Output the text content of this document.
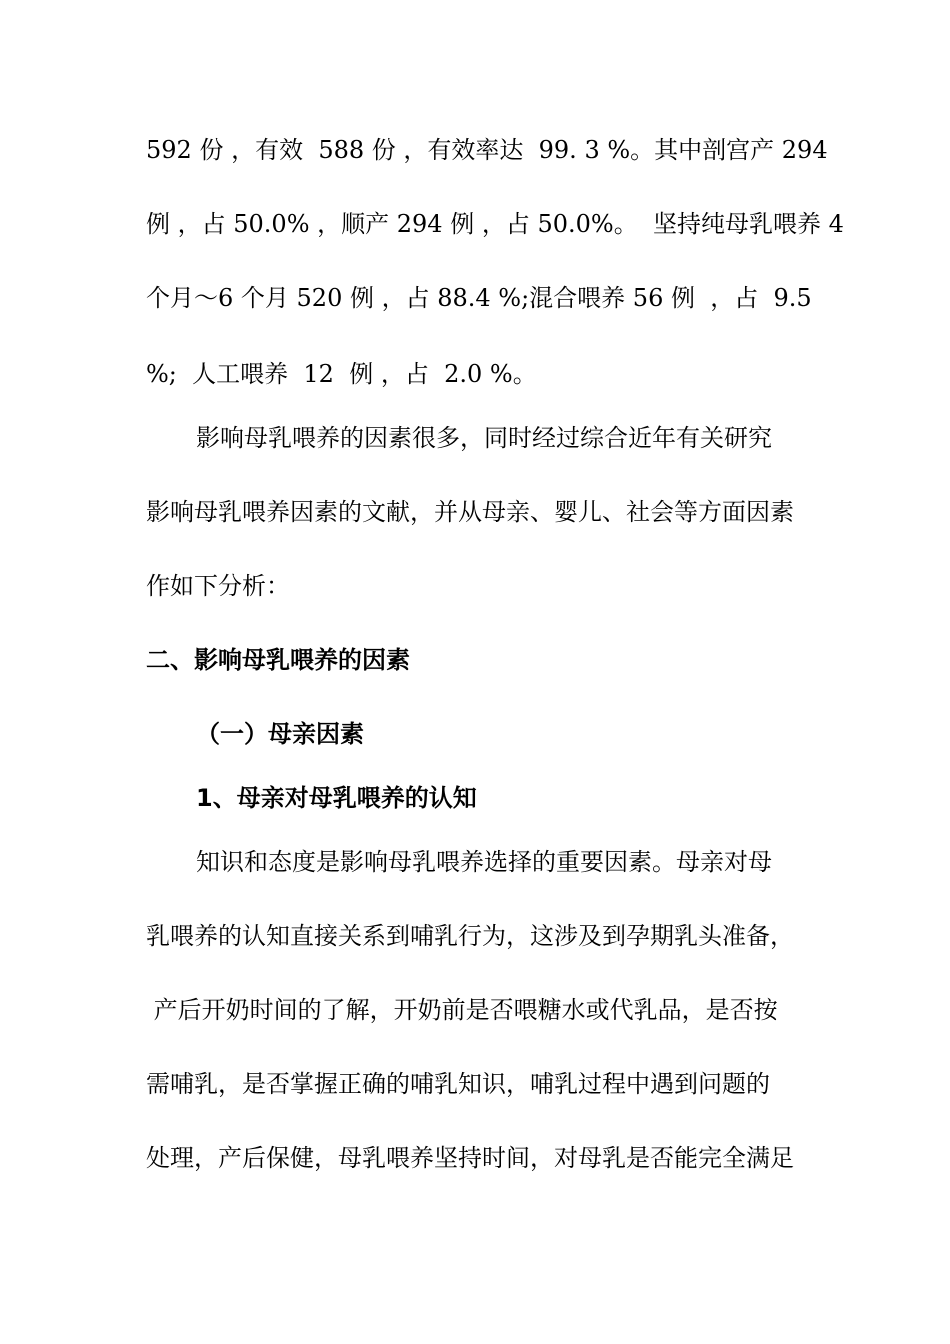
592 份 ，有效  588 份 ，有效率达  99. 3 %。其中剖宫产 294
例 ，占 50.0% ，顺产 294 例 ，占 50.0%。  坚持纯母乳喂养 4
个月～6 个月 520 例 ，占 88.4 %;混合喂养 56 例  ，占  9.5
%;  人工喂养  12  例 ，占  2.0 %。
影响母乳喂养的因素很多，同时经过综合近年有关研究
影响母乳喂养因素的文献，并从母亲、婴儿、社会等方面因素
作如下分析：
二、影响母乳喂养的因素
（一）母亲因素
1、母亲对母乳喂养的认知
知识和态度是影响母乳喂养选择的重要因素。母亲对母
乳喂养的认知直接关系到哺乳行为，这涉及到孕期乳头准备，
产后开奶时间的了解，开奶前是否喂糖水或代乳品，是否按
需哺乳，是否掌握正确的哺乳知识，哺乳过程中遇到问题的
处理，产后保健，母乳喂养坚持时间，对母乳是否能完全满足
